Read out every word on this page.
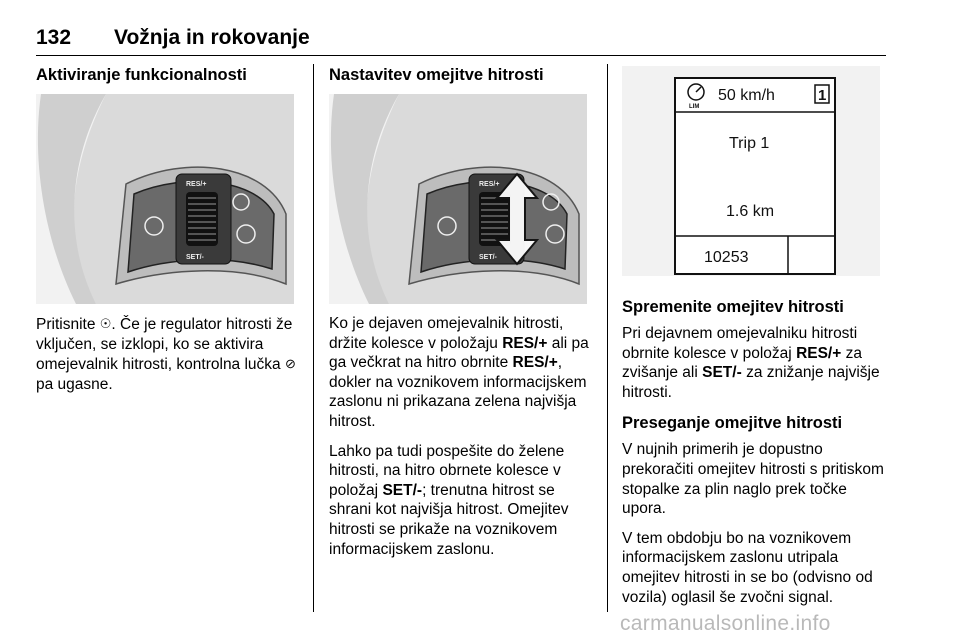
132 Vožnja in rokovanje
Aktiviranje funkcionalnosti
RES/+
SET/-

Pritisnite ☉. Če je regulator hitrosti že vključen, se izklopi, ko se aktivira omejevalnik hitrosti, kontrolna lučka ⊘ pa ugasne.

Nastavitev omejitve hitrosti
RES/+
SET/-

Ko je dejaven omejevalnik hitrosti, držite kolesce v položaju RES/+ ali pa ga večkrat na hitro obrnite RES/+, dokler na voznikovem informacijskem zaslonu ni prikazana zelena najvišja hitrost.

Lahko pa tudi pospešite do želene hitrosti, na hitro obrnete kolesce v položaj SET/-; trenutna hitrost se shrani kot najvišja hitrost. Omejitev hitrosti se prikaže na voznikovem informacijskem zaslonu.

LIM
50 km/h	1
Trip 1
1.6 km
10253
Spremenite omejitev hitrosti

Pri dejavnem omejevalniku hitrosti obrnite kolesce v položaj RES/+ za zvišanje ali SET/- za znižanje najvišje hitrosti.

Preseganje omejitve hitrosti

V nujnih primerih je dopustno prekoračiti omejitev hitrosti s pritiskom stopalke za plin naglo prek točke upora.

V tem obdobju bo na voznikovem informacijskem zaslonu utripala omejitev hitrosti in se bo (odvisno od vozila) oglasil še zvočni signal.

carmanualsonline.info
